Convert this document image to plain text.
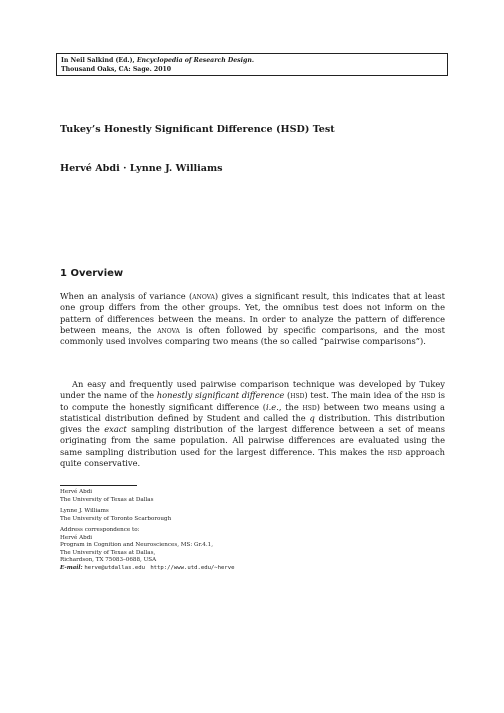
In Neil Salkind (Ed.), Encyclopedia of Research Design.
Thousand Oaks, CA: Sage. 2010
Tukey’s Honestly Significant Difference (HSD) Test
Hervé Abdi · Lynne J. Williams
1 Overview

When an analysis of variance (anova) gives a significant result, this indicates that at least one group differs from the other groups. Yet, the omnibus test does not inform on the pattern of differences between the means. In order to analyze the pattern of difference between means, the anova is often followed by specific comparisons, and the most commonly used involves comparing two means (the so called “pairwise comparisons”).

An easy and frequently used pairwise comparison technique was developed by Tukey under the name of the honestly significant difference (hsd) test. The main idea of the hsd is to compute the honestly significant difference (i.e., the hsd) between two means using a statistical distribution defined by Student and called the q distribution. This distribution gives the exact sampling distribution of the largest difference between a set of means originating from the same population. All pairwise differences are evaluated using the same sampling distribution used for the largest difference. This makes the hsd approach quite conservative.

Hervé Abdi
The University of Texas at Dallas
Lynne J. Williams
The University of Toronto Scarborough
Address correspondence to:
Hervé Abdi
Program in Cognition and Neurosciences, MS: Gr.4.1,
The University of Texas at Dallas,
Richardson, TX 75083–0688, USA
E-mail: herve@utdallas.edu http://www.utd.edu/∼herve
